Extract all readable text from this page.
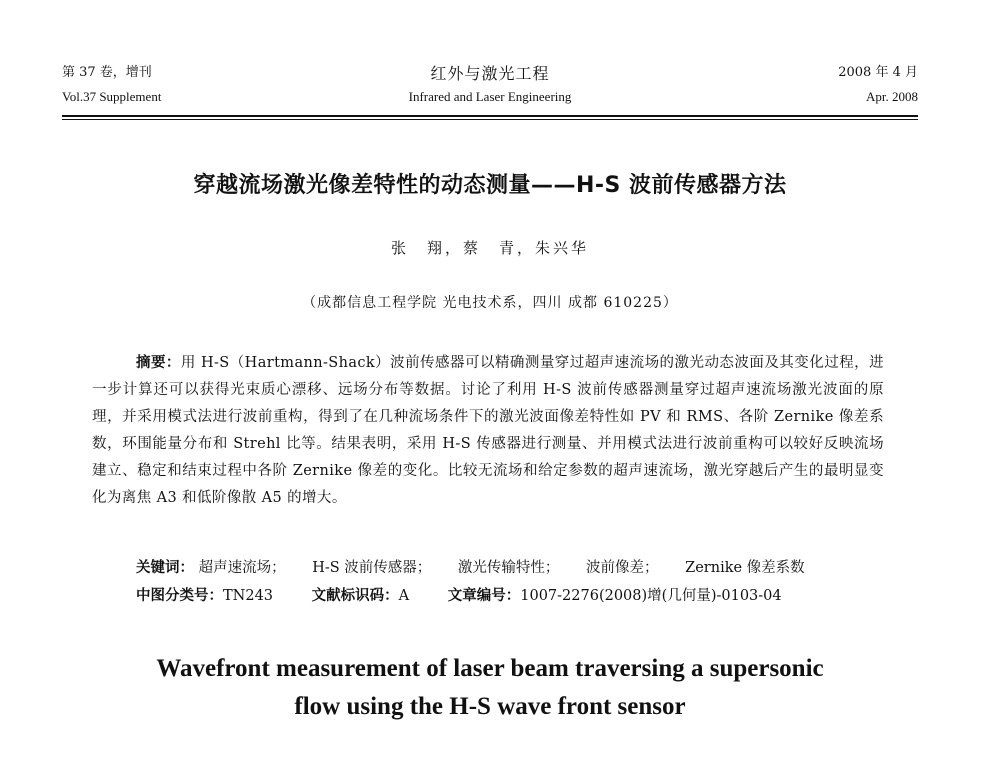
第 37 卷，增刊
Vol.37 Supplement
红外与激光工程
Infrared and Laser Engineering
2008 年 4 月
Apr. 2008
穿越流场激光像差特性的动态测量——H-S 波前传感器方法
张　翔，蔡　青，朱兴华
（成都信息工程学院 光电技术系，四川 成都 610225）
摘要：用 H-S（Hartmann-Shack）波前传感器可以精确测量穿过超声速流场的激光动态波面及其变化过程，进一步计算还可以获得光束质心漂移、远场分布等数据。讨论了利用 H-S 波前传感器测量穿过超声速流场激光波面的原理，并采用模式法进行波前重构，得到了在几种流场条件下的激光波面像差特性如 PV 和 RMS、各阶 Zernike 像差系数，环围能量分布和 Strehl 比等。结果表明，采用 H-S 传感器进行测量、并用模式法进行波前重构可以较好反映流场建立、稳定和结束过程中各阶 Zernike 像差的变化。比较无流场和给定参数的超声速流场，激光穿越后产生的最明显变化为离焦 A3 和低阶像散 A5 的增大。
关键词： 超声速流场； H-S 波前传感器； 激光传输特性； 波前像差； Zernike 像差系数
中图分类号：TN243	文献标识码：A	文章编号：1007-2276(2008)增(几何量)-0103-04
Wavefront measurement of laser beam traversing a supersonic
flow using the H-S wave front sensor
